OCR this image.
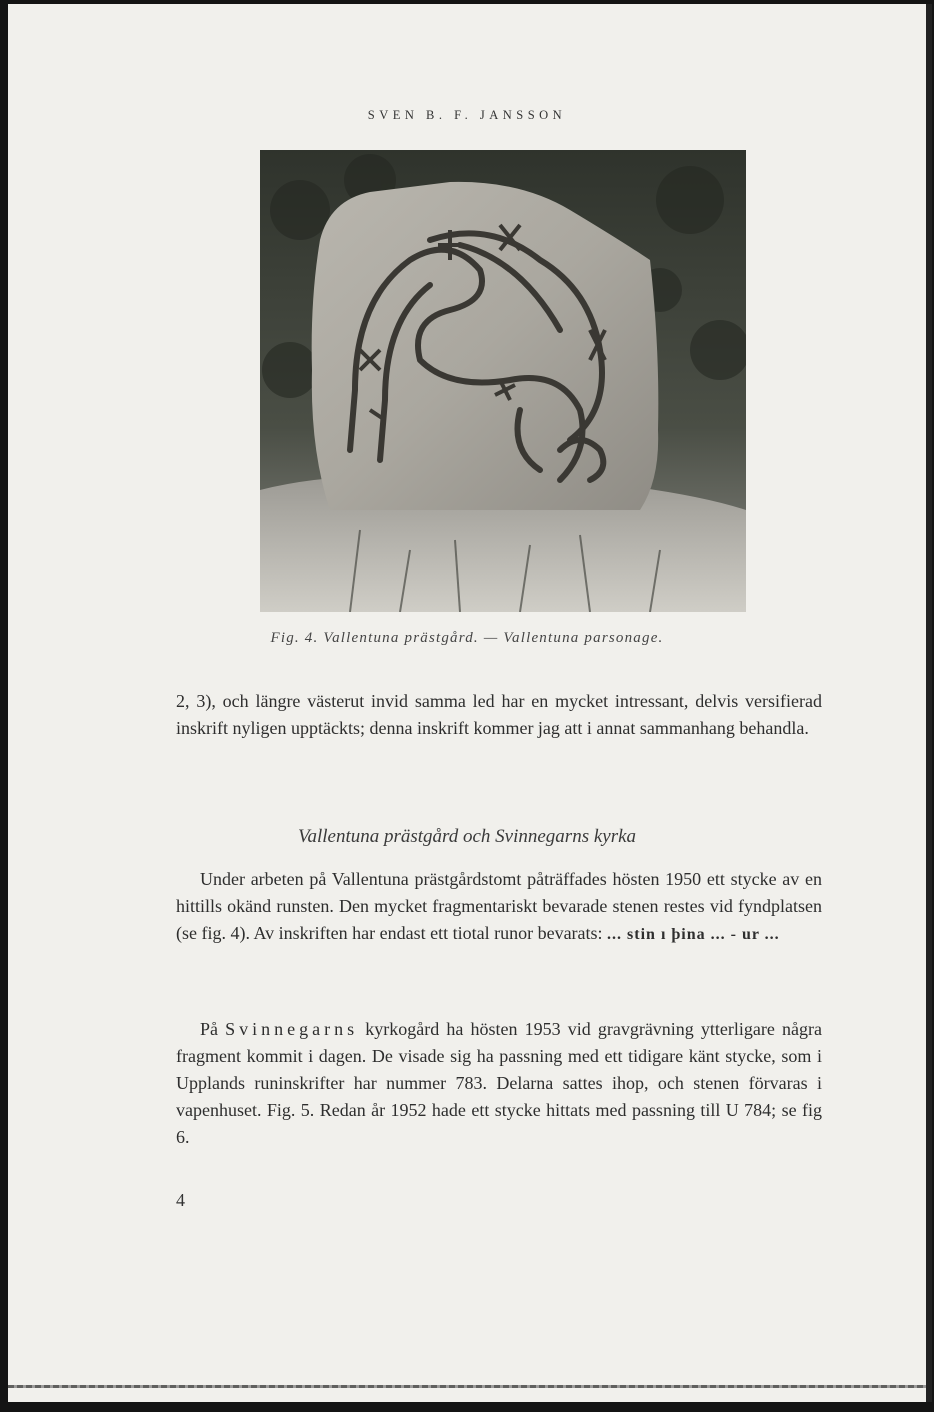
SVEN B. F. JANSSON
Fig. 4. Vallentuna prästgård. — Vallentuna parsonage.

2, 3), och längre västerut invid samma led har en mycket intressant, delvis versifierad inskrift nyligen upptäckts; denna inskrift kommer jag att i annat sammanhang behandla.

Vallentuna prästgård och Svinnegarns kyrka

Under arbeten på Vallentuna prästgårdstomt påträffades hösten 1950 ett stycke av en hittills okänd runsten. Den mycket fragmentariskt bevarade stenen restes vid fyndplatsen (se fig. 4). Av inskriften har endast ett tiotal runor bevarats: ... stin ı þina ... - ur ...

På Svinnegarns kyrkogård ha hösten 1953 vid gravgrävning ytterligare några fragment kommit i dagen. De visade sig ha passning med ett tidigare känt stycke, som i Upplands runinskrifter har nummer 783. Delarna sattes ihop, och stenen förvaras i vapenhuset. Fig. 5. Redan år 1952 hade ett stycke hittats med passning till U 784; se fig 6.

4
